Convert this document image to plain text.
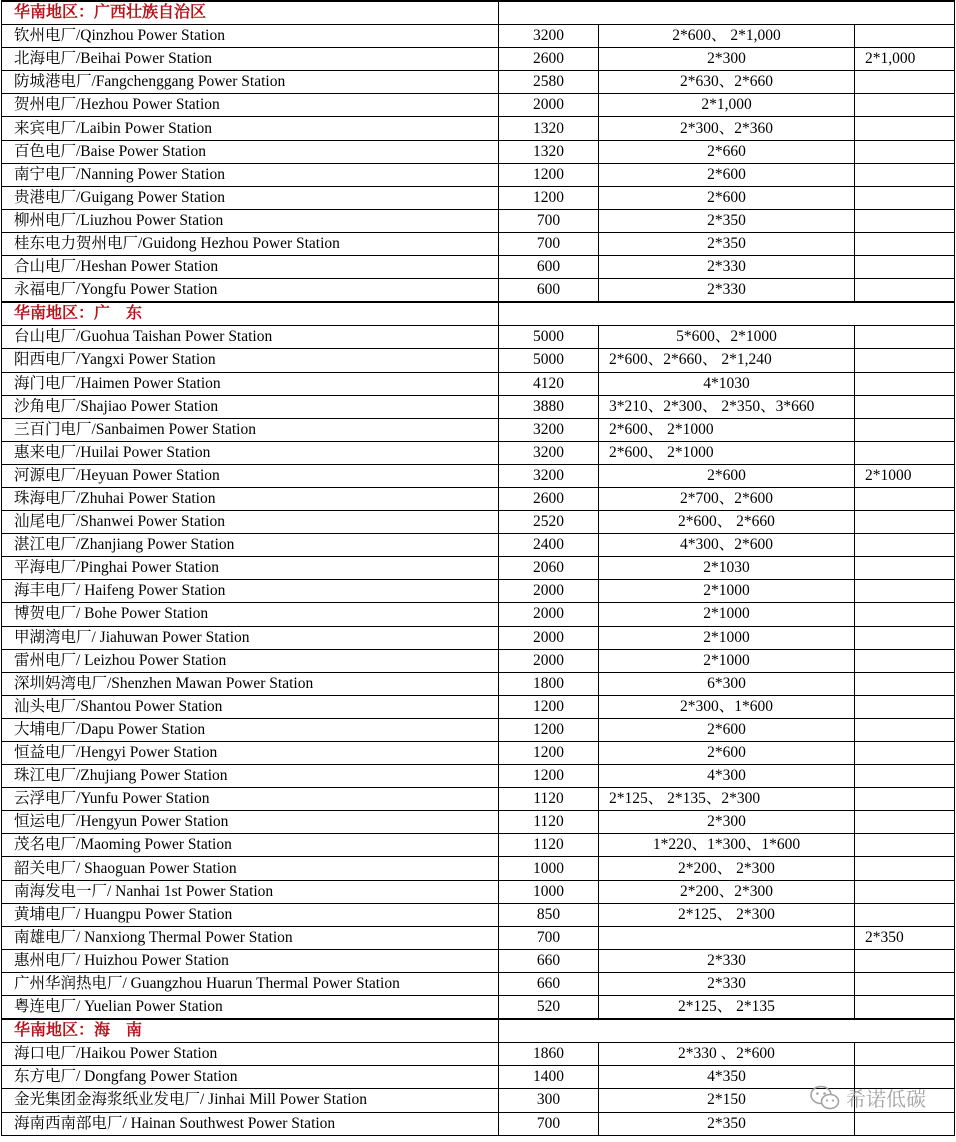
华南地区：广西壮族自治区			
钦州电厂/Qinzhou Power Station	3200	2*600、 2*1,000	
北海电厂/Beihai Power Station	2600	2*300	2*1,000
防城港电厂/Fangchenggang Power Station	2580	2*630、2*660	
贺州电厂/Hezhou Power Station	2000	2*1,000	
来宾电厂/Laibin Power Station	1320	2*300、2*360	
百色电厂/Baise Power Station	1320	2*660	
南宁电厂/Nanning Power Station	1200	2*600	
贵港电厂/Guigang Power Station	1200	2*600	
柳州电厂/Liuzhou Power Station	700	2*350	
桂东电力贺州电厂/Guidong Hezhou Power Station	700	2*350	
合山电厂/Heshan Power Station	600	2*330	
永福电厂/Yongfu Power Station	600	2*330	
华南地区：广　东			
台山电厂/Guohua Taishan Power Station	5000	5*600、2*1000	
阳西电厂/Yangxi Power Station	5000	2*600、2*660、 2*1,240	
海门电厂/Haimen Power Station	4120	4*1030	
沙角电厂/Shajiao Power Station	3880	3*210、2*300、 2*350、3*660	
三百门电厂/Sanbaimen Power Station	3200	2*600、 2*1000	
惠来电厂/Huilai Power Station	3200	2*600、 2*1000	
河源电厂/Heyuan Power Station	3200	2*600	2*1000
珠海电厂/Zhuhai Power Station	2600	2*700、2*600	
汕尾电厂/Shanwei Power Station	2520	2*600、 2*660	
湛江电厂/Zhanjiang Power Station	2400	4*300、2*600	
平海电厂/Pinghai Power Station	2060	2*1030	
海丰电厂/ Haifeng Power Station	2000	2*1000	
博贺电厂/ Bohe Power Station	2000	2*1000	
甲湖湾电厂/ Jiahuwan Power Station	2000	2*1000	
雷州电厂/ Leizhou Power Station	2000	2*1000	
深圳妈湾电厂/Shenzhen Mawan Power Station	1800	6*300	
汕头电厂/Shantou Power Station	1200	2*300、1*600	
大埔电厂/Dapu Power Station	1200	2*600	
恒益电厂/Hengyi Power Station	1200	2*600	
珠江电厂/Zhujiang Power Station	1200	4*300	
云浮电厂/Yunfu Power Station	1120	2*125、 2*135、2*300	
恒运电厂/Hengyun Power Station	1120	2*300	
茂名电厂/Maoming Power Station	1120	1*220、1*300、1*600	
韶关电厂/ Shaoguan Power Station	1000	2*200、 2*300	
南海发电一厂/ Nanhai 1st Power Station	1000	2*200、2*300	
黄埔电厂/ Huangpu Power Station	850	2*125、 2*300	
南雄电厂/ Nanxiong Thermal Power Station	700		2*350
惠州电厂/ Huizhou Power Station	660	2*330	
广州华润热电厂/ Guangzhou Huarun Thermal Power Station	660	2*330	
粤连电厂/ Yuelian Power Station	520	2*125、 2*135	
华南地区：海　南			
海口电厂/Haikou Power Station	1860	2*330 、2*600	
东方电厂/ Dongfang Power Station	1400	4*350	
金光集团金海浆纸业发电厂/ Jinhai Mill Power Station	300	2*150	
海南西南部电厂/ Hainan Southwest Power Station	700	2*350	
希诺低碳
